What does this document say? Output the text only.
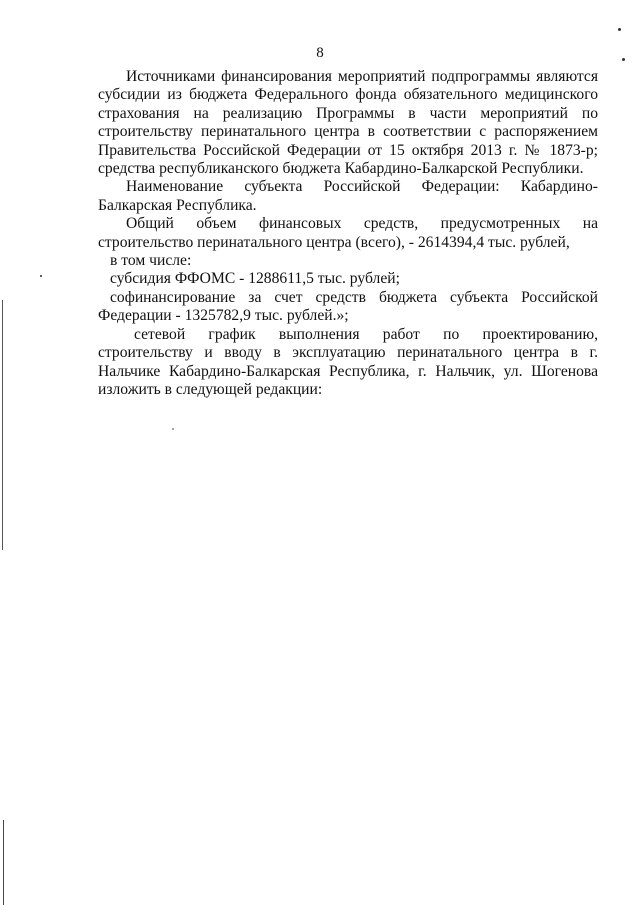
8

Источниками финансирования мероприятий подпрограммы являются субсидии из бюджета Федерального фонда обязательного медицинского страхования на реализацию Программы в части мероприятий по строительству перинатального центра в соответствии с распоряжением Правительства Российской Федерации от 15 октября 2013 г. № 1873-р; средства республиканского бюджета Кабардино-Балкарской Республики.

Наименование субъекта Российской Федерации: Кабардино-Балкарская Республика.

Общий объем финансовых средств, предусмотренных на строительство перинатального центра (всего), - 2614394,4 тыс. рублей,

в том числе:

субсидия ФФОМС - 1288611,5 тыс. рублей;

софинансирование за счет средств бюджета субъекта Российской Федерации - 1325782,9 тыс. рублей.»;

сетевой график выполнения работ по проектированию, строительству и вводу в эксплуатацию перинатального центра в г. Нальчике Кабардино-Балкарская Республика, г. Нальчик, ул. Шогенова изложить в следующей редакции:
